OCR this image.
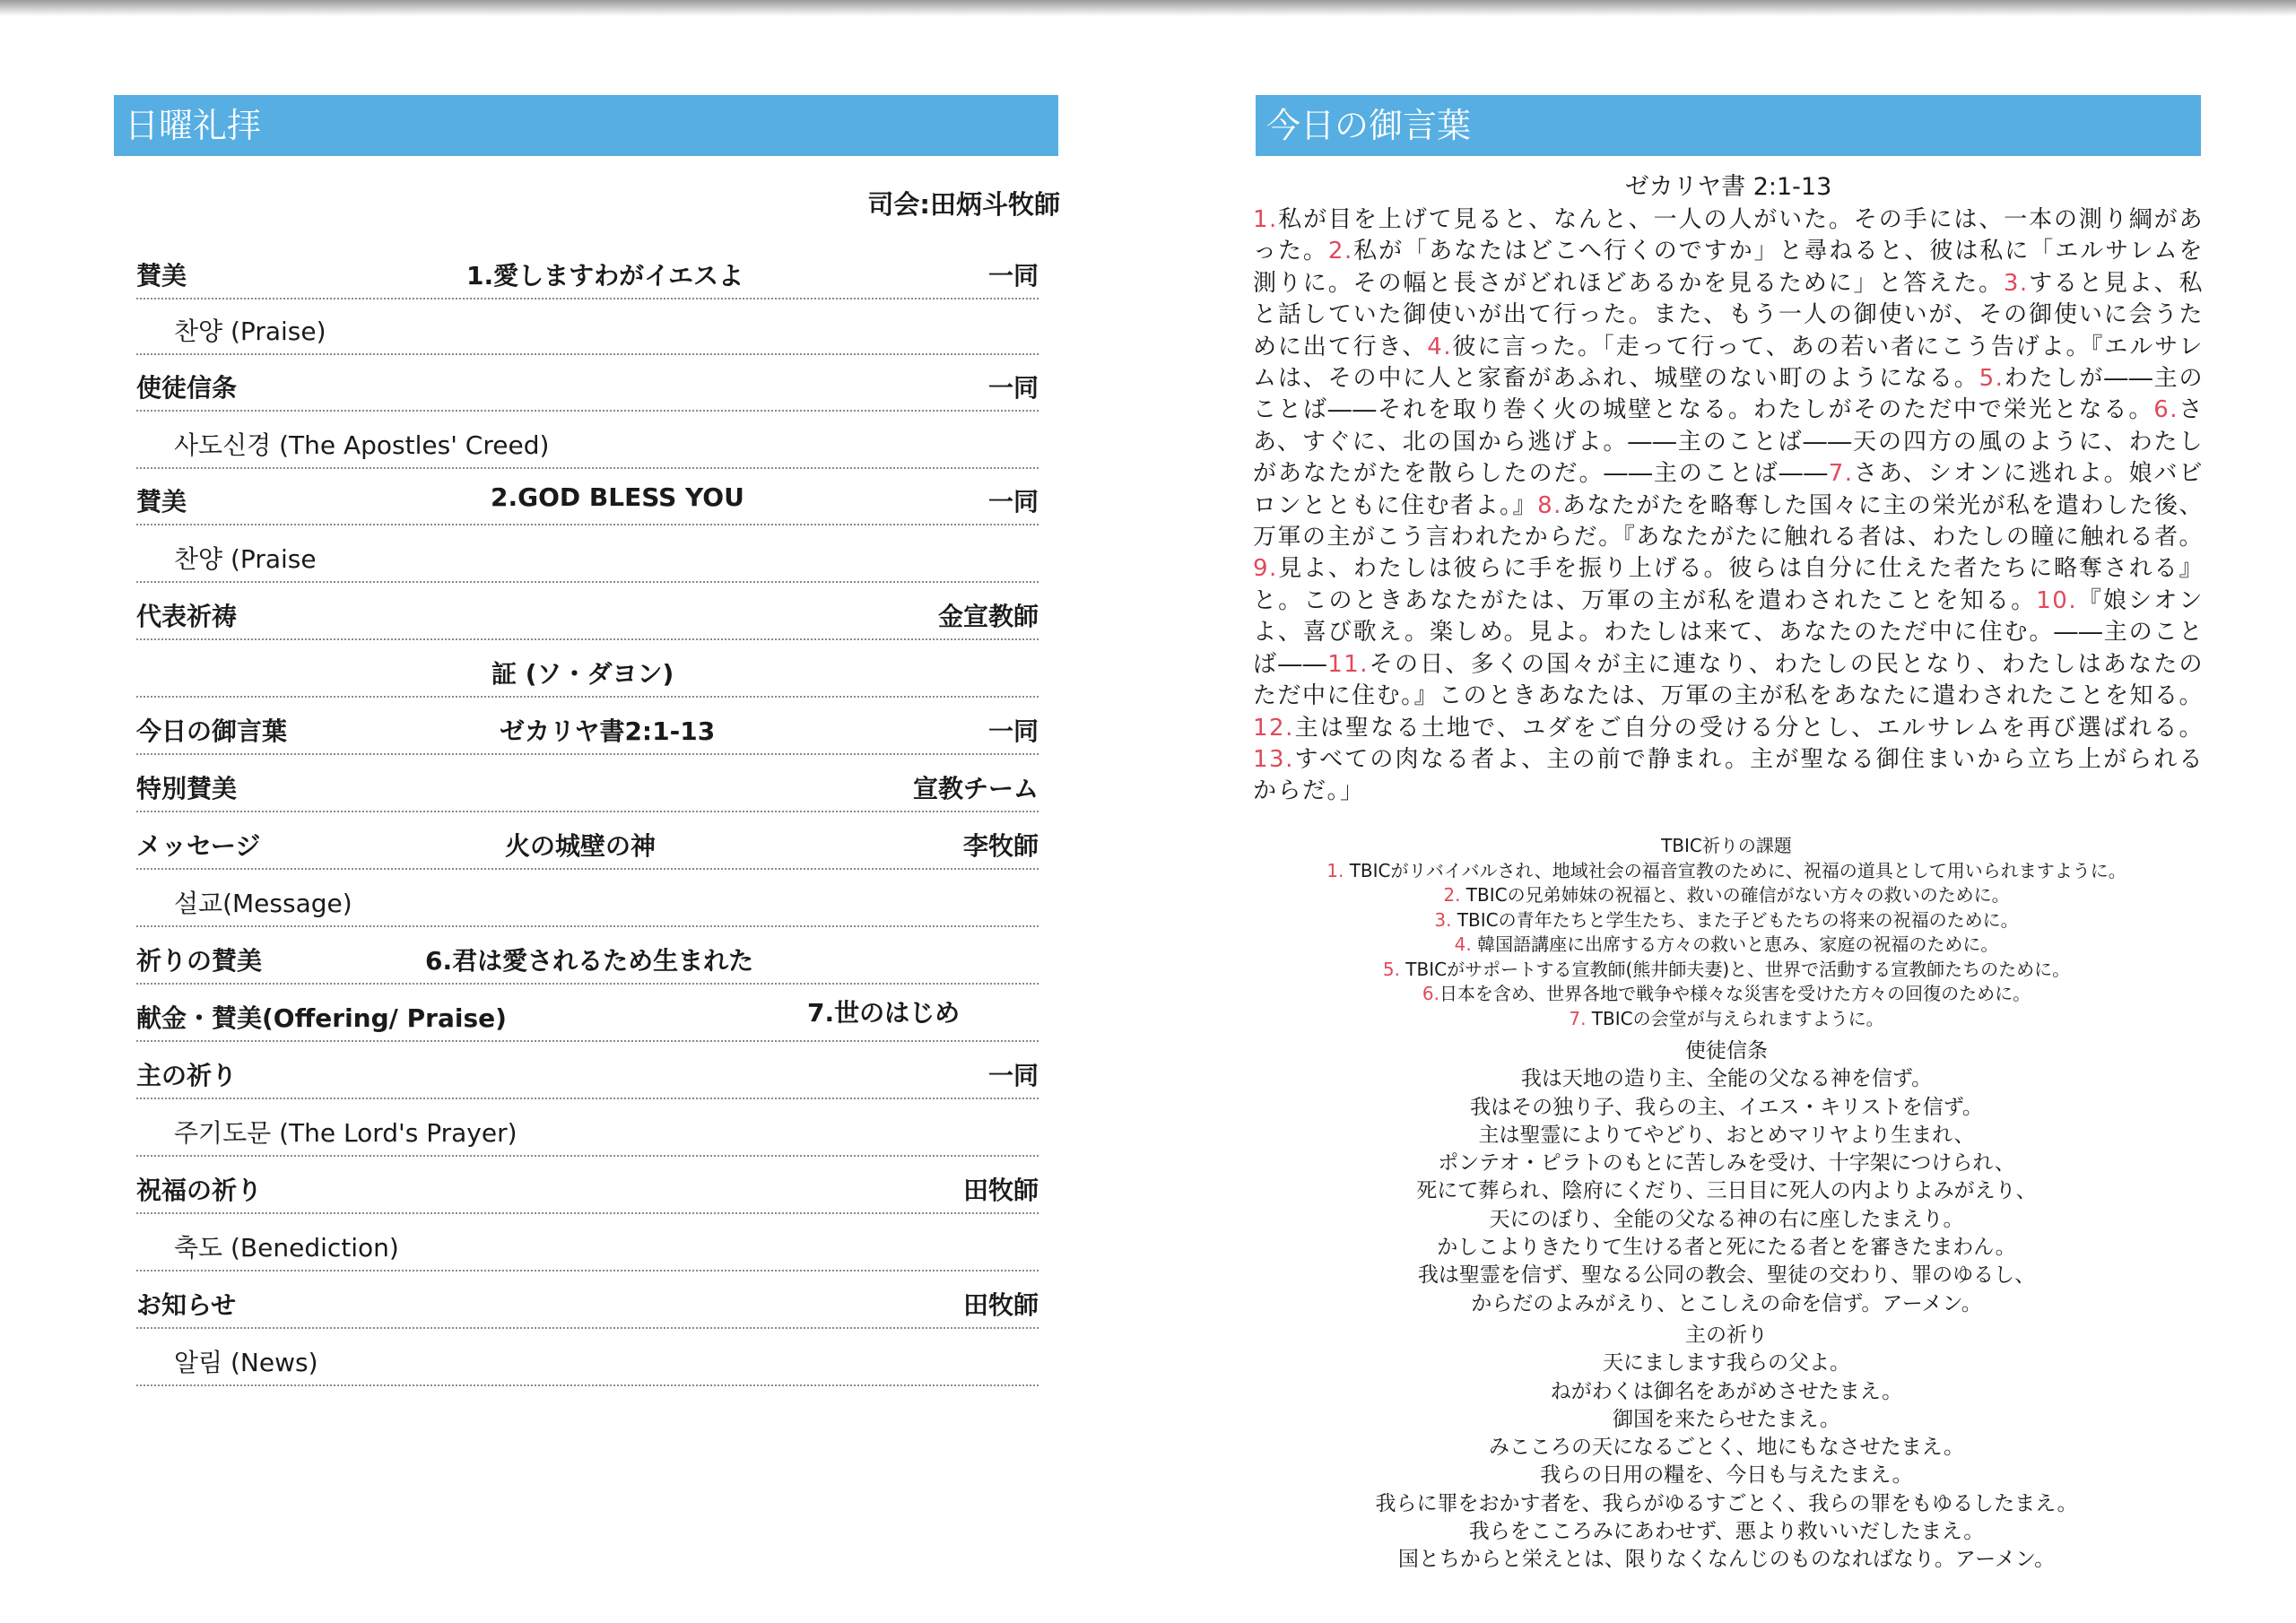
日曜礼拝
司会:田炳斗牧師
賛美	1.愛しますわがイエスよ	一同
찬양 (Praise)
使徒信条	一同
사도신경 (The Apostles' Creed)
賛美	2.GOD BLESS YOU	一同
찬양 (Praise
代表祈祷	金宣教師
証 (ソ・ダヨン)
今日の御言葉	ゼカリヤ書2:1-13	一同
特別賛美	宣教チーム
メッセージ	火の城壁の神	李牧師
설교(Message)
祈りの賛美	6.君は愛されるため生まれた
献金・賛美(Offering/ Praise)	7.世のはじめ
主の祈り	一同
주기도문 (The Lord's Prayer)
祝福の祈り	田牧師
축도 (Benediction)
お知らせ	田牧師
알림 (News)
今日の御言葉
ゼカリヤ書 2:1-13

1.私が目を上げて見ると、なんと、一人の人がいた。その手には、一本の測り綱があった。2.私が「あなたはどこへ行くのですか」と尋ねると、彼は私に「エルサレムを測りに。その幅と長さがどれほどあるかを見るために」と答えた。3.すると見よ、私と話していた御使いが出て行った。また、もう一人の御使いが、その御使いに会うために出て行き、4.彼に言った。「走って行って、あの若い者にこう告げよ。『エルサレムは、その中に人と家畜があふれ、城壁のない町のようになる。5.わたしが――主のことば――それを取り巻く火の城壁となる。わたしがそのただ中で栄光となる。6.さあ、すぐに、北の国から逃げよ。――主のことば――天の四方の風のように、わたしがあなたがたを散らしたのだ。――主のことば――7.さあ、シオンに逃れよ。娘バビロンとともに住む者よ。』8.あなたがたを略奪した国々に主の栄光が私を遣わした後、万軍の主がこう言われたからだ。『あなたがたに触れる者は、わたしの瞳に触れる者。9.見よ、わたしは彼らに手を振り上げる。彼らは自分に仕えた者たちに略奪される』と。このときあなたがたは、万軍の主が私を遣わされたことを知る。10.『娘シオンよ、喜び歌え。楽しめ。見よ。わたしは来て、あなたのただ中に住む。――主のことば――11.その日、多くの国々が主に連なり、わたしの民となり、わたしはあなたのただ中に住む。』このときあなたは、万軍の主が私をあなたに遣わされたことを知る。12.主は聖なる土地で、ユダをご自分の受ける分とし、エルサレムを再び選ばれる。13.すべての肉なる者よ、主の前で静まれ。主が聖なる御住まいから立ち上がられるからだ。」

TBIC祈りの課題
1. TBICがリバイバルされ、地域社会の福音宣教のために、祝福の道具として用いられますように。
2. TBICの兄弟姉妹の祝福と、救いの確信がない方々の救いのために。
3. TBICの青年たちと学生たち、また子どもたちの将来の祝福のために。
4. 韓国語講座に出席する方々の救いと恵み、家庭の祝福のために。
5. TBICがサポートする宣教師(熊井師夫妻)と、世界で活動する宣教師たちのために。
6.日本を含め、世界各地で戦争や様々な災害を受けた方々の回復のために。
7. TBICの会堂が与えられますように。
使徒信条
我は天地の造り主、全能の父なる神を信ず。
我はその独り子、我らの主、イエス・キリストを信ず。
主は聖霊によりてやどり、おとめマリヤより生まれ、
ポンテオ・ピラトのもとに苦しみを受け、十字架につけられ、
死にて葬られ、陰府にくだり、三日目に死人の内よりよみがえり、
天にのぼり、全能の父なる神の右に座したまえり。
かしこよりきたりて生ける者と死にたる者とを審きたまわん。
我は聖霊を信ず、聖なる公同の教会、聖徒の交わり、罪のゆるし、
からだのよみがえり、とこしえの命を信ず。アーメン。
主の祈り
天にまします我らの父よ。
ねがわくは御名をあがめさせたまえ。
御国を来たらせたまえ。
みこころの天になるごとく、地にもなさせたまえ。
我らの日用の糧を、今日も与えたまえ。
我らに罪をおかす者を、我らがゆるすごとく、我らの罪をもゆるしたまえ。
我らをこころみにあわせず、悪より救いいだしたまえ。
国とちからと栄えとは、限りなくなんじのものなればなり。アーメン。
